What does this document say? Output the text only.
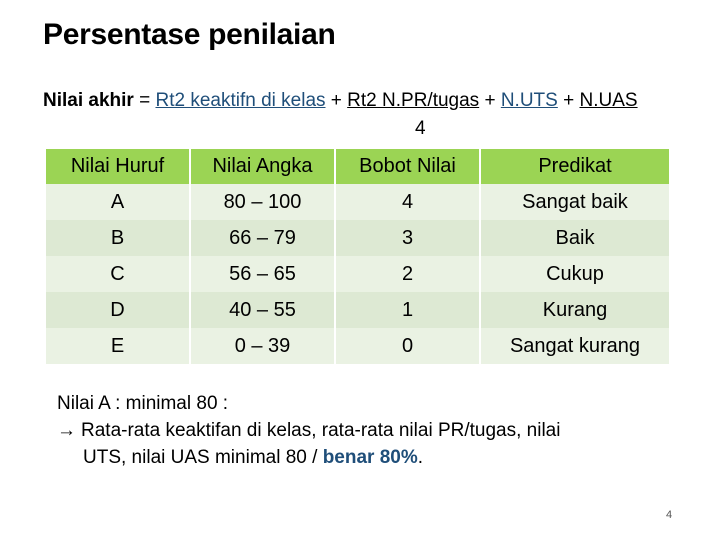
Persentase penilaian
Nilai akhir = Rt2 keaktifn di kelas + Rt2 N.PR/tugas + N.UTS + N.UAS
4
Nilai Huruf	Nilai Angka	Bobot Nilai	Predikat
A	80 – 100	4	Sangat baik
B	66 – 79	3	Baik
C	56 – 65	2	Cukup
D	40 – 55	1	Kurang
E	0 – 39	0	Sangat kurang
Nilai A : minimal 80 :
→ Rata-rata keaktifan di kelas, rata-rata nilai PR/tugas, nilai
UTS, nilai UAS minimal 80 / benar 80%.
4
